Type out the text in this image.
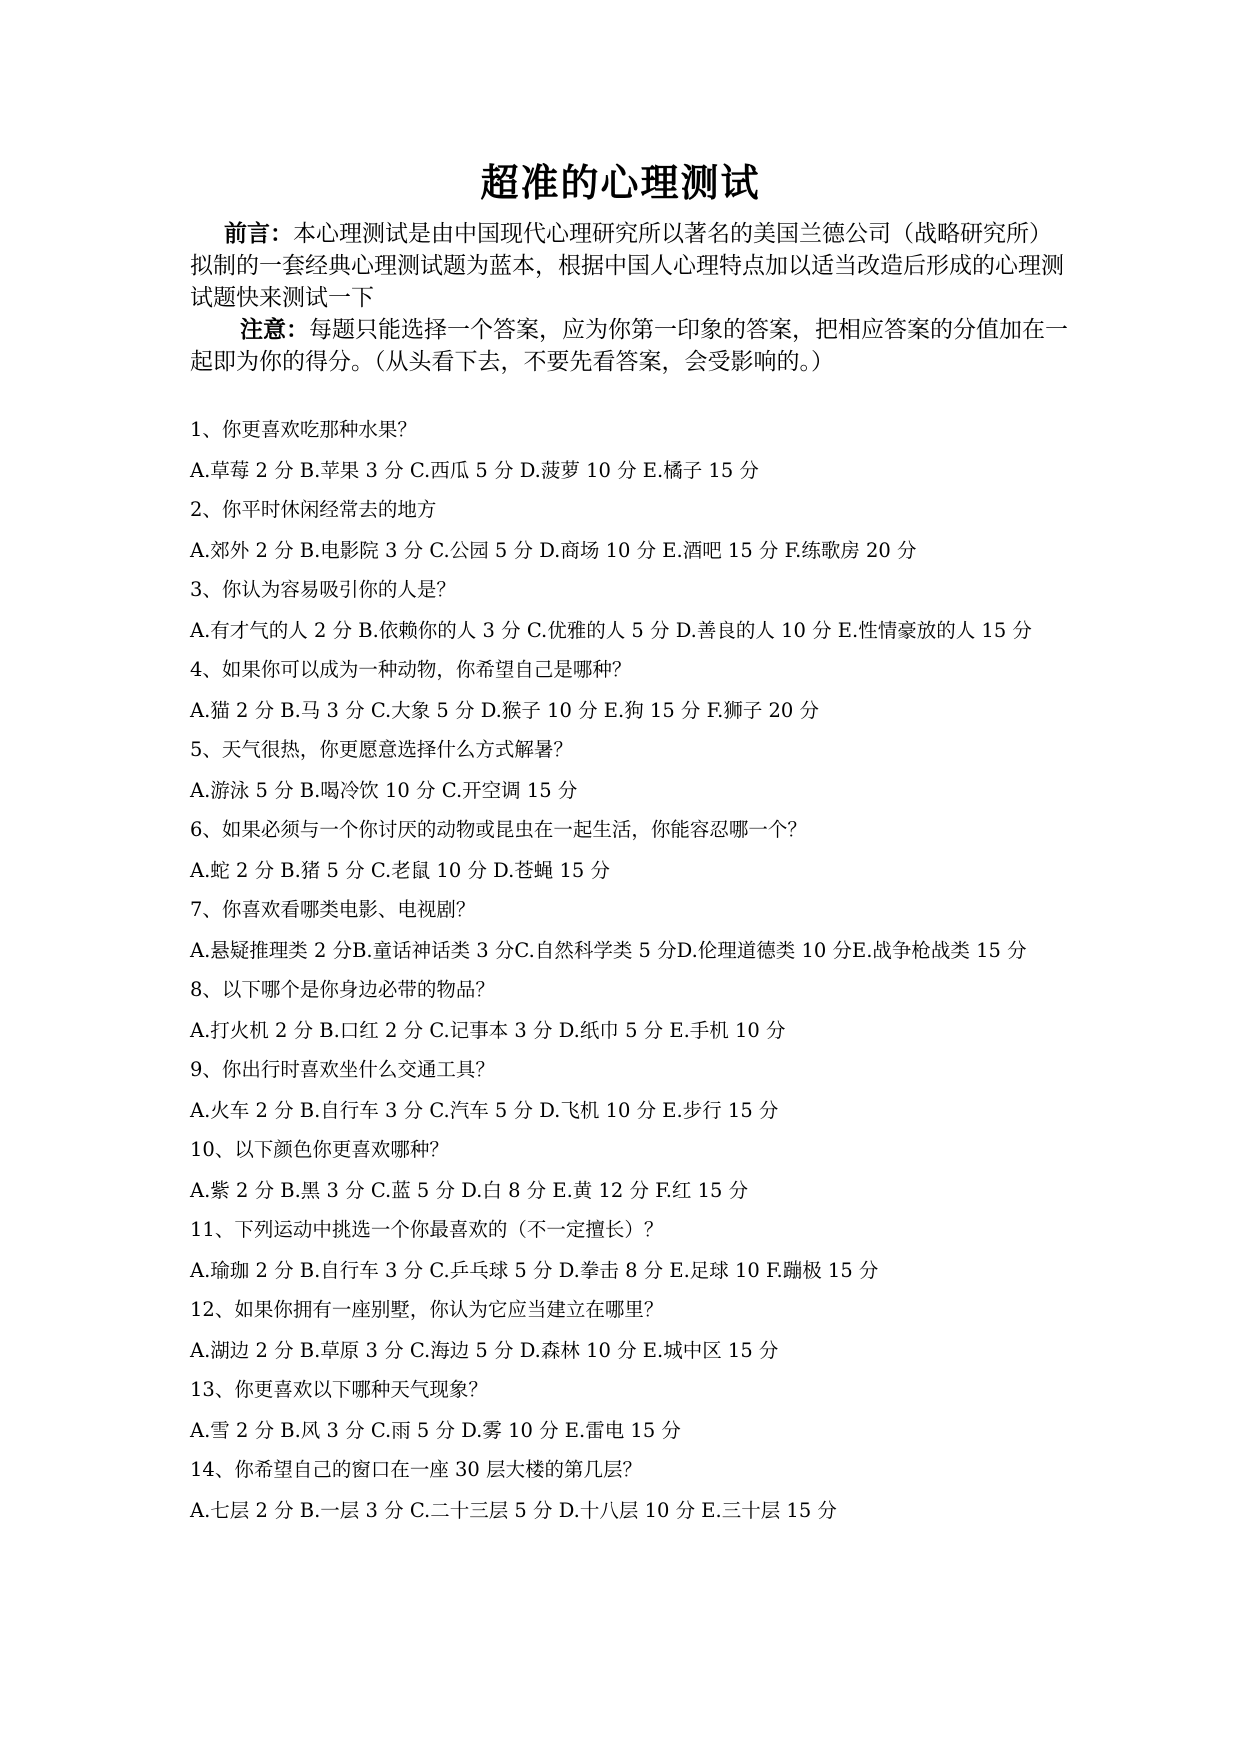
超准的心理测试
前言：本心理测试是由中国现代心理研究所以著名的美国兰德公司（战略研究所）拟制的一套经典心理测试题为蓝本，根据中国人心理特点加以适当改造后形成的心理测试题快来测试一下
注意：每题只能选择一个答案，应为你第一印象的答案，把相应答案的分值加在一起即为你的得分。（从头看下去，不要先看答案，会受影响的。）
1、你更喜欢吃那种水果？
A.草莓 2 分 B.苹果 3 分 C.西瓜 5 分 D.菠萝 10 分 E.橘子 15 分
2、你平时休闲经常去的地方
A.郊外 2 分 B.电影院 3 分 C.公园 5 分 D.商场 10 分 E.酒吧 15 分 F.练歌房 20 分
3、你认为容易吸引你的人是？
A.有才气的人 2 分 B.依赖你的人 3 分 C.优雅的人 5 分 D.善良的人 10 分 E.性情豪放的人 15 分
4、如果你可以成为一种动物，你希望自己是哪种？
A.猫 2 分 B.马 3 分 C.大象 5 分 D.猴子 10 分 E.狗 15 分 F.狮子 20 分
5、天气很热，你更愿意选择什么方式解暑？
A.游泳 5 分 B.喝冷饮 10 分 C.开空调 15 分
6、如果必须与一个你讨厌的动物或昆虫在一起生活，你能容忍哪一个？
A.蛇 2 分 B.猪 5 分 C.老鼠 10 分 D.苍蝇 15 分
7、你喜欢看哪类电影、电视剧？
A.悬疑推理类 2 分B.童话神话类 3 分C.自然科学类 5 分D.伦理道德类 10 分E.战争枪战类 15 分
8、以下哪个是你身边必带的物品？
A.打火机 2 分 B.口红 2 分 C.记事本 3 分 D.纸巾 5 分 E.手机 10 分
9、你出行时喜欢坐什么交通工具？
A.火车 2 分 B.自行车 3 分 C.汽车 5 分 D.飞机 10 分 E.步行 15 分
10、以下颜色你更喜欢哪种？
A.紫 2 分 B.黑 3 分 C.蓝 5 分 D.白 8 分 E.黄 12 分 F.红 15 分
11、下列运动中挑选一个你最喜欢的（不一定擅长）？
A.瑜珈 2 分 B.自行车 3 分 C.乒乓球 5 分 D.拳击 8 分 E.足球 10 F.蹦极 15 分
12、如果你拥有一座别墅，你认为它应当建立在哪里？
A.湖边 2 分 B.草原 3 分 C.海边 5 分 D.森林 10 分 E.城中区 15 分
13、你更喜欢以下哪种天气现象？
A.雪 2 分 B.风 3 分 C.雨 5 分 D.雾 10 分 E.雷电 15 分
14、你希望自己的窗口在一座 30 层大楼的第几层？
A.七层 2 分 B.一层 3 分 C.二十三层 5 分 D.十八层 10 分 E.三十层 15 分
